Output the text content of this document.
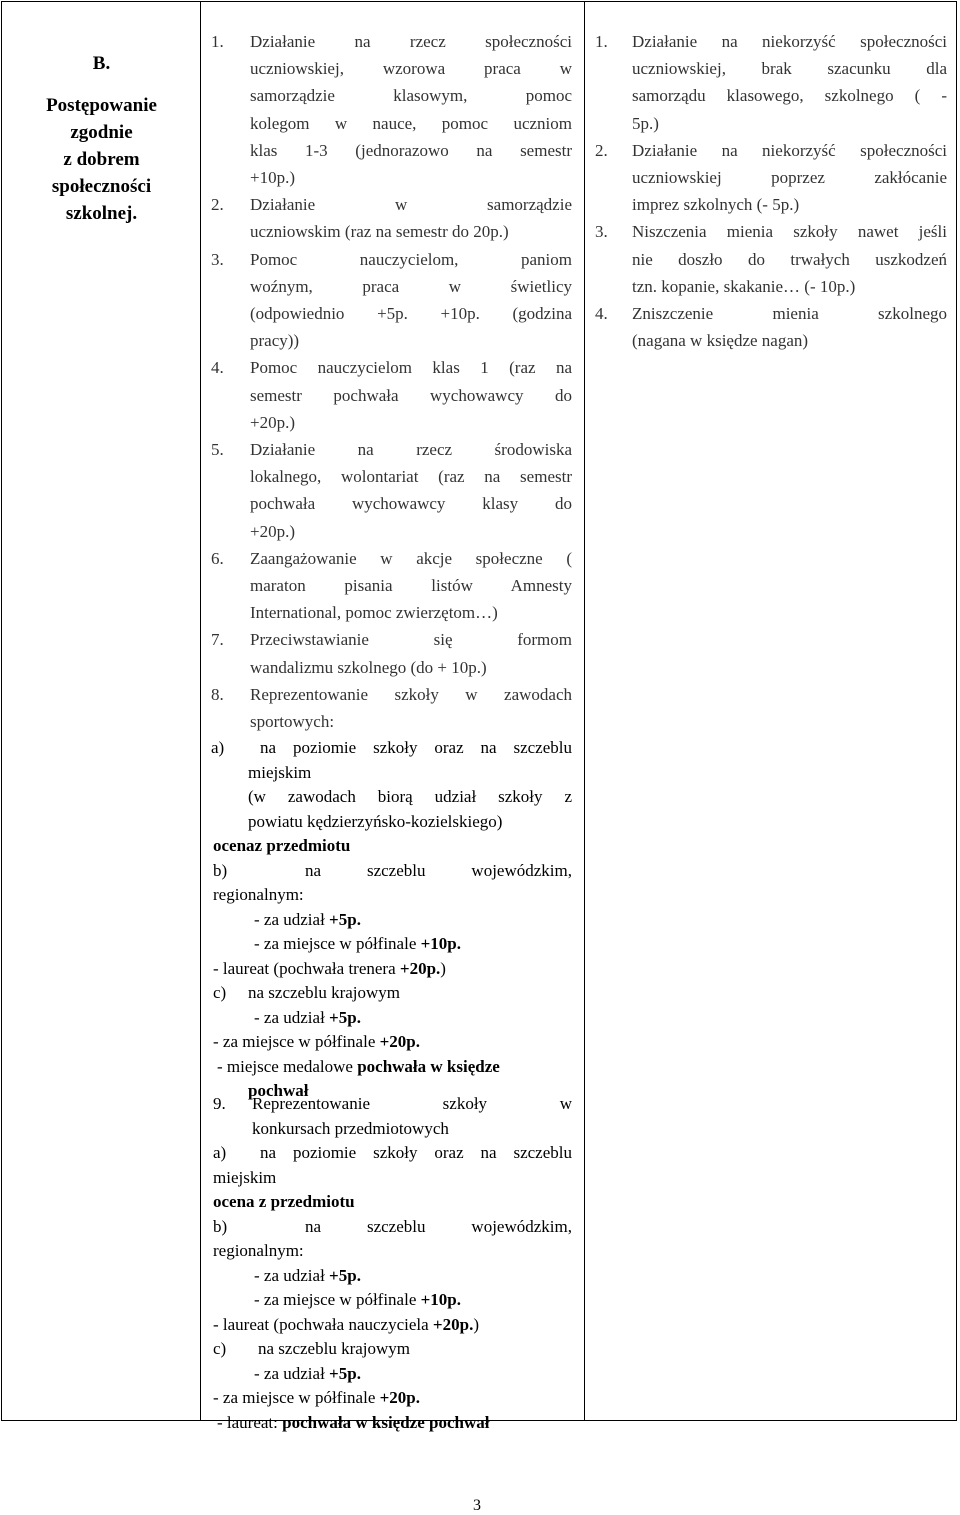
B.
Postępowanie
zgodnie
z dobrem
społeczności
szkolnej.
1. Działanie na rzecz społeczności
uczniowskiej, wzorowa praca w
samorządzie klasowym, pomoc
kolegom w nauce, pomoc uczniom
klas 1-3 (jednorazowo na semestr
+10p.)
2. Działanie w samorządzie
uczniowskim (raz na semestr do 20p.)
3. Pomoc nauczycielom, paniom
woźnym, praca w świetlicy
(odpowiednio +5p. +10p. (godzina
pracy))
4. Pomoc nauczycielom klas 1 (raz na
semestr pochwała wychowawcy do
+20p.)
5. Działanie na rzecz środowiska
lokalnego, wolontariat (raz na semestr
pochwała wychowawcy klasy do
+20p.)
6. Zaangażowanie w akcje społeczne (
maraton pisania listów Amnesty
International, pomoc zwierzętom…)
7. Przeciwstawianie się formom
wandalizmu szkolnego (do + 10p.)
8. Reprezentowanie szkoły w zawodach
sportowych:
a) na poziomie szkoły oraz na szczeblu
miejskim
(w zawodach biorą udział szkoły z
powiatu kędzierzyńsko-kozielskiego)
ocenaz przedmiotu
b)	na szczeblu wojewódzkim,
regionalnym:
- za udział +5p.
- za miejsce w półfinale +10p.
- laureat (pochwała trenera +20p.)
c) na szczeblu krajowym
- za udział +5p.
- za miejsce w półfinale +20p.
- miejsce medalowe pochwała w księdze
pochwał
9. Reprezentowanie szkoły w
konkursach przedmiotowych
a) na poziomie szkoły oraz na szczeblu
miejskim
ocena z przedmiotu
b)	na szczeblu wojewódzkim,
regionalnym:
- za udział +5p.
- za miejsce w półfinale +10p.
- laureat (pochwała nauczyciela +20p.)
c) na szczeblu krajowym
- za udział +5p.
- za miejsce w półfinale +20p.
- laureat: pochwała w księdze pochwał
1. Działanie na niekorzyść społeczności
uczniowskiej, brak szacunku dla
samorządu klasowego, szkolnego ( -
5p.)
2. Działanie na niekorzyść społeczności
uczniowskiej poprzez zakłócanie
imprez szkolnych (- 5p.)
3. Niszczenia mienia szkoły nawet jeśli
nie doszło do trwałych uszkodzeń
tzn. kopanie, skakanie… (- 10p.)
4. Zniszczenie mienia szkolnego
(nagana w księdze nagan)
3
